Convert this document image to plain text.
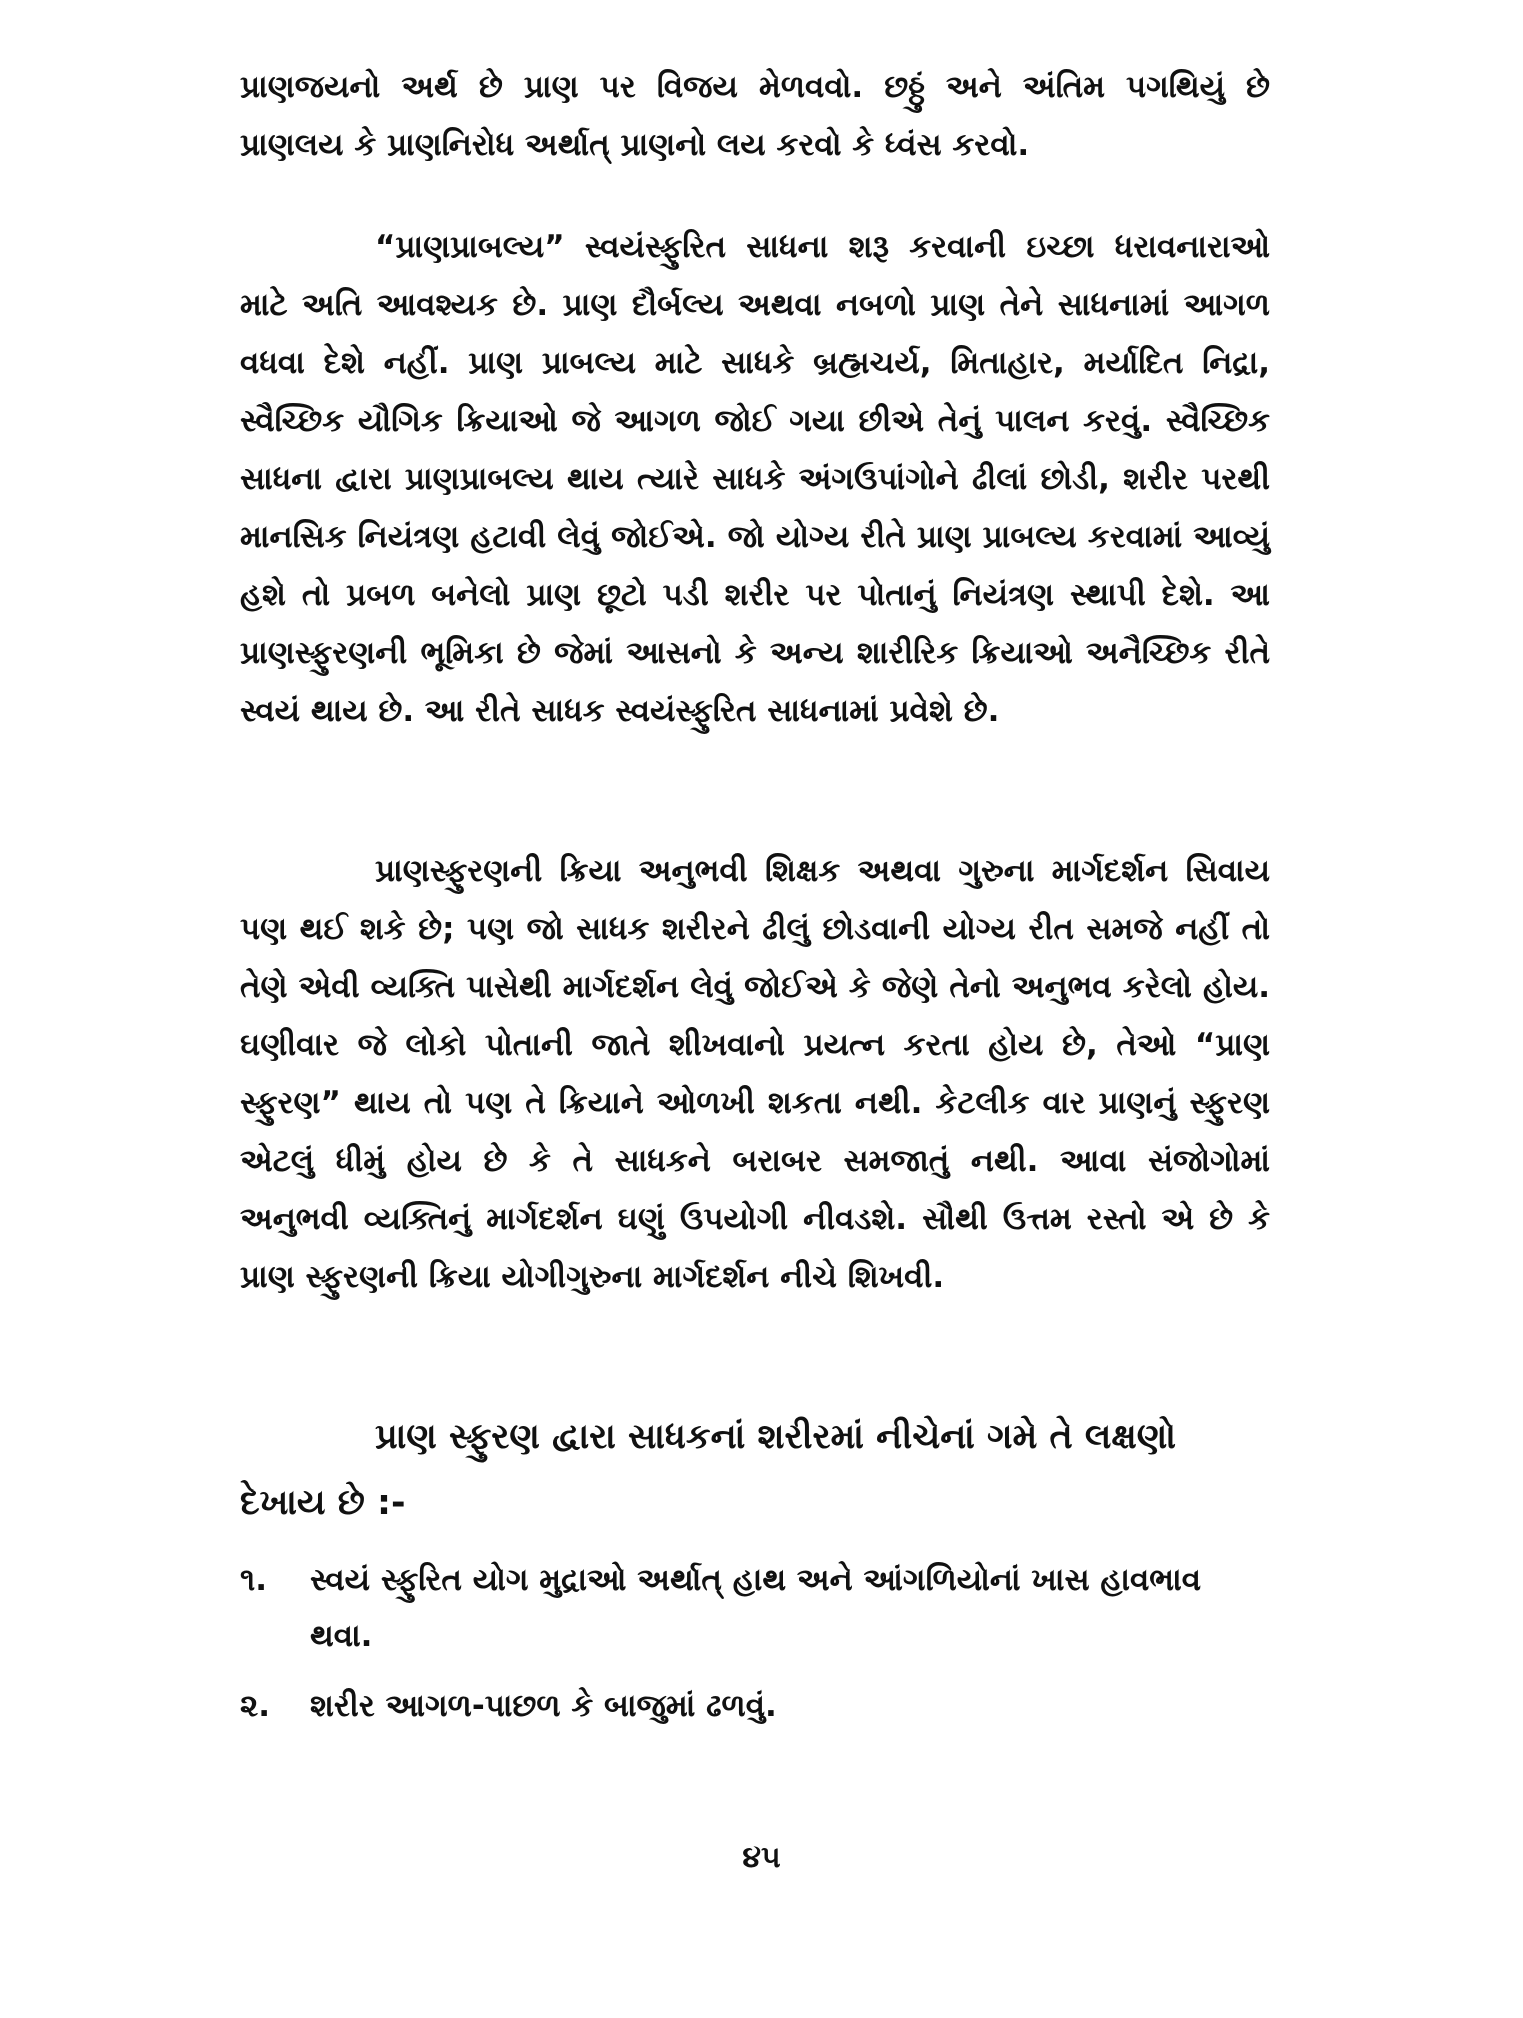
પ્રાણજયનો અર્થ છે પ્રાણ પર વિજય મેળવવો. છઠ્ઠું અને અંતિમ પગથિયું છે પ્રાણલય કે પ્રાણનિરોધ અર્થાત્ પ્રાણનો લય કરવો કે ધ્વંસ કરવો.

“પ્રાણપ્રાબલ્ય” સ્વયંસ્ફુરિત સાધના શરૂ કરવાની ઇચ્છા ધરાવનારાઓ માટે અતિ આવશ્યક છે. પ્રાણ દૌર્બલ્ય અથવા નબળો પ્રાણ તેને સાધનામાં આગળ વધવા દેશે નહીં. પ્રાણ પ્રાબલ્ય માટે સાધકે બ્રહ્મચર્ય, મિતાહાર, મર્યાદિત નિદ્રા, સ્વૈચ્છિક યૌગિક ક્રિયાઓ જે આગળ જોઈ ગયા છીએ તેનું પાલન કરવું. સ્વૈચ્છિક સાધના દ્વારા પ્રાણપ્રાબલ્ય થાય ત્યારે સાધકે અંગઉપાંગોને ઢીલાં છોડી, શરીર પરથી માનસિક નિયંત્રણ હટાવી લેવું જોઈએ. જો યોગ્ય રીતે પ્રાણ પ્રાબલ્ય કરવામાં આવ્યું હશે તો પ્રબળ બનેલો પ્રાણ છૂટો પડી શરીર પર પોતાનું નિયંત્રણ સ્થાપી દેશે. આ પ્રાણસ્ફુરણની ભૂમિકા છે જેમાં આસનો કે અન્ય શારીરિક ક્રિયાઓ અનૈચ્છિક રીતે સ્વયં થાય છે. આ રીતે સાધક સ્વયંસ્ફુરિત સાધનામાં પ્રવેશે છે.

પ્રાણસ્ફુરણની ક્રિયા અનુભવી શિક્ષક અથવા ગુરુના માર્ગદર્શન સિવાય પણ થઈ શકે છે; પણ જો સાધક શરીરને ઢીલું છોડવાની યોગ્ય રીત સમજે નહીં તો તેણે એવી વ્યક્તિ પાસેથી માર્ગદર્શન લેવું જોઈએ કે જેણે તેનો અનુભવ કરેલો હોય. ઘણીવાર જે લોકો પોતાની જાતે શીખવાનો પ્રયત્ન કરતા હોય છે, તેઓ “પ્રાણ સ્ફુરણ” થાય તો પણ તે ક્રિયાને ઓળખી શકતા નથી. કેટલીક વાર પ્રાણનું સ્ફુરણ એટલું ધીમું હોય છે કે તે સાધકને બરાબર સમજાતું નથી. આવા સંજોગોમાં અનુભવી વ્યક્તિનું માર્ગદર્શન ઘણું ઉપયોગી નીવડશે. સૌથી ઉત્તમ રસ્તો એ છે કે પ્રાણ સ્ફુરણની ક્રિયા યોગીગુરુના માર્ગદર્શન નીચે શિખવી.

પ્રાણ સ્ફુરણ દ્વારા સાધકનાં શરીરમાં નીચેનાં ગમે તે લક્ષણો દેખાય છે :-
૧.	સ્વયં સ્ફુરિત યોગ મુદ્રાઓ અર્થાત્ હાથ અને આંગળિયોનાં ખાસ હાવભાવ થવા.
૨.	શરીર આગળ-પાછળ કે બાજુમાં ઢળવું.

૪૫
